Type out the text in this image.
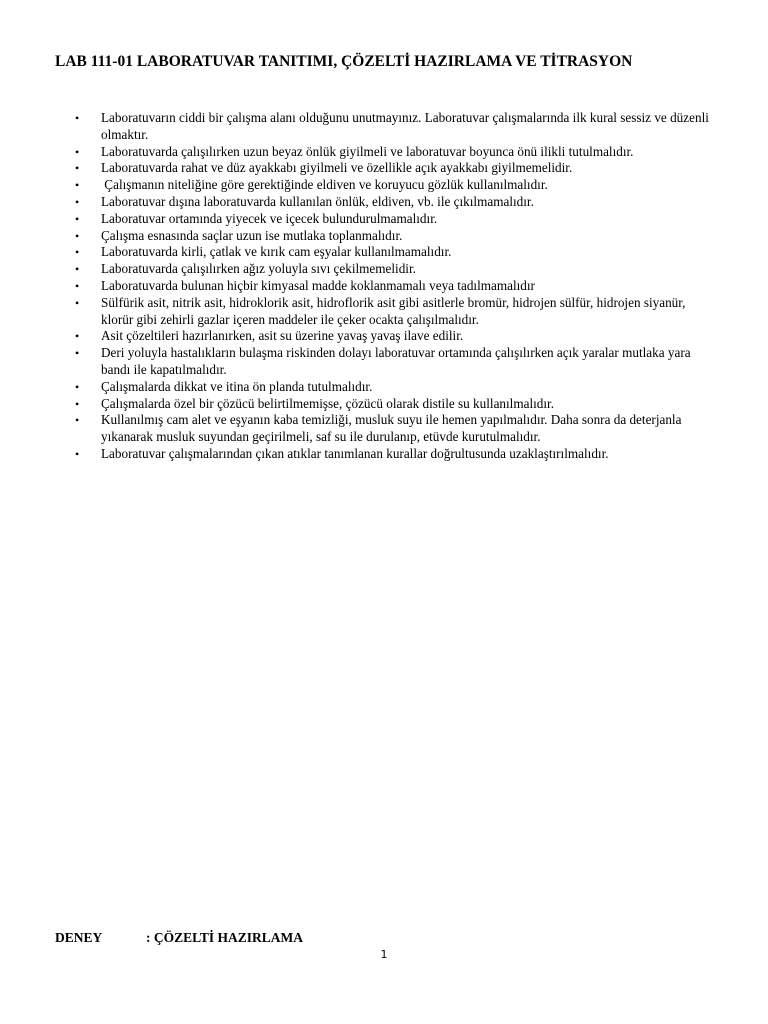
LAB 111-01 LABORATUVAR TANITIMI, ÇÖZELTİ HAZIRLAMA VE TİTRASYON
• Laboratuvarın ciddi bir çalışma alanı olduğunu unutmayınız. Laboratuvar çalışmalarında ilk kural sessiz ve düzenli olmaktır.
• Laboratuvarda çalışılırken uzun beyaz önlük giyilmeli ve laboratuvar boyunca önü ilikli tutulmalıdır.
• Laboratuvarda rahat ve düz ayakkabı giyilmeli ve özellikle açık ayakkabı giyilmemelidir.
• Çalışmanın niteliğine göre gerektiğinde eldiven ve koruyucu gözlük kullanılmalıdır.
• Laboratuvar dışına laboratuvarda kullanılan önlük, eldiven, vb. ile çıkılmamalıdır.
• Laboratuvar ortamında yiyecek ve içecek bulundurulmamalıdır.
• Çalışma esnasında saçlar uzun ise mutlaka toplanmalıdır.
• Laboratuvarda kirli, çatlak ve kırık cam eşyalar kullanılmamalıdır.
• Laboratuvarda çalışılırken ağız yoluyla sıvı çekilmemelidir.
• Laboratuvarda bulunan hiçbir kimyasal madde koklanmamalı veya tadılmamalıdır
• Sülfürik asit, nitrik asit, hidroklorik asit, hidroflorik asit gibi asitlerle bromür, hidrojen sülfür, hidrojen siyanür, klorür gibi zehirli gazlar içeren maddeler ile çeker ocakta çalışılmalıdır.
• Asit çözeltileri hazırlanırken, asit su üzerine yavaş yavaş ilave edilir.
• Deri yoluyla hastalıkların bulaşma riskinden dolayı laboratuvar ortamında çalışılırken açık yaralar mutlaka yara bandı ile kapatılmalıdır.
• Çalışmalarda dikkat ve itina ön planda tutulmalıdır.
• Çalışmalarda özel bir çözücü belirtilmemişse, çözücü olarak distile su kullanılmalıdır.
• Kullanılmış cam alet ve eşyanın kaba temizliği, musluk suyu ile hemen yapılmalıdır. Daha sonra da deterjanla yıkanarak musluk suyundan geçirilmeli, saf su ile durulanıp, etüvde kurutulmalıdır.
• Laboratuvar çalışmalarından çıkan atıklar tanımlanan kurallar doğrultusunda uzaklaştırılmalıdır.
DENEY	: ÇÖZELTİ HAZIRLAMA
1
